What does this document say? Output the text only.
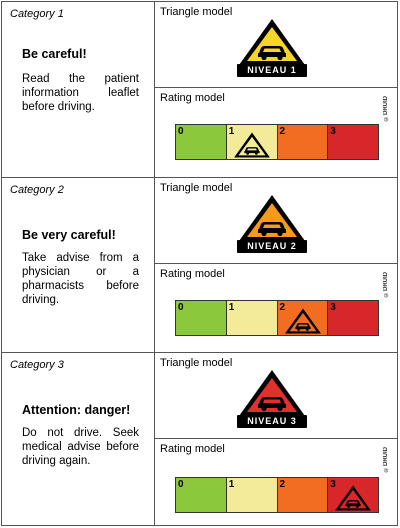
Category 1
Be careful!
Read the patient information leaflet before driving.
Triangle model
NIVEAU 1
Rating model	©DRUID
0	1	2	3
Category 2
Be very careful!
Take advise from a physician or a pharmacists before driving.
Triangle model
NIVEAU 2
Rating model	©DRUID
0	1	2	3
Category 3
Attention: danger!
Do not drive. Seek medical advise before driving again.
Triangle model
NIVEAU 3
Rating model	©DRUID
0	1	2	3
